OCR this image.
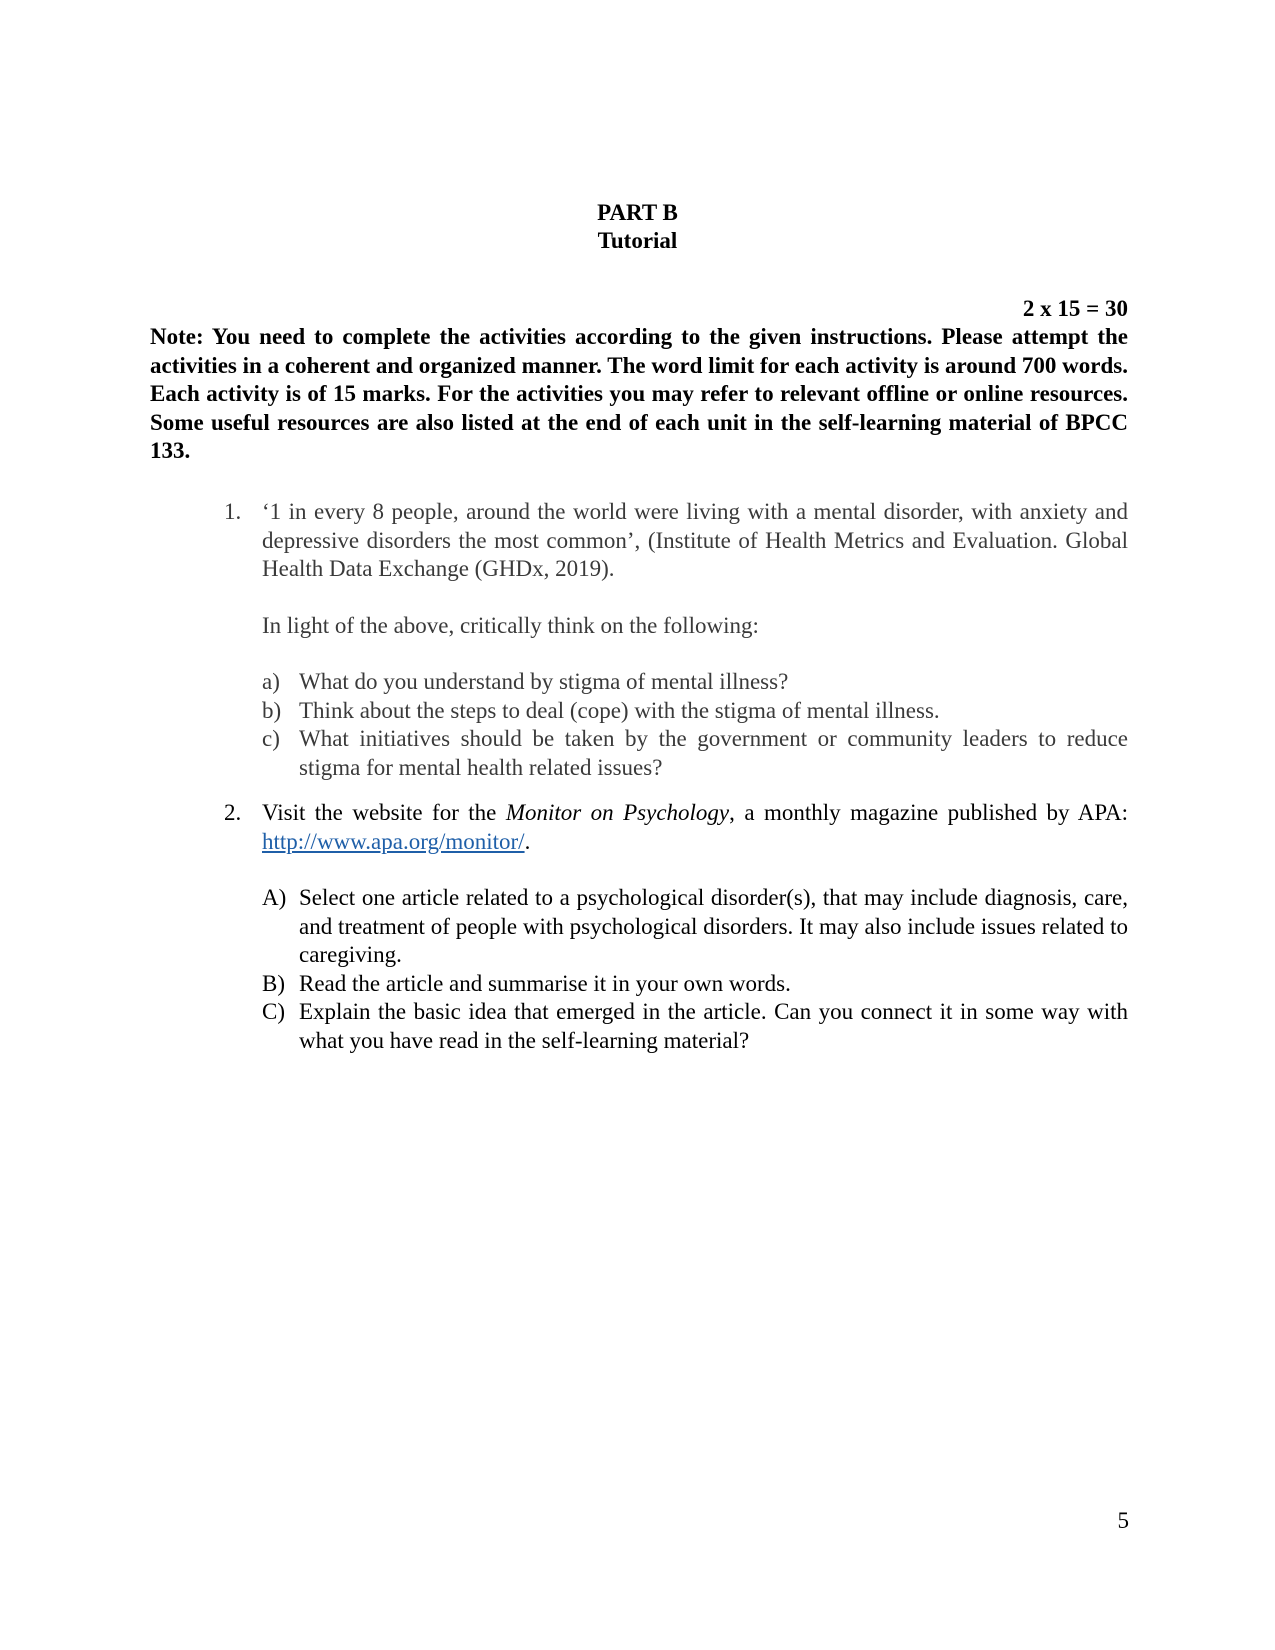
PART B
Tutorial
2 x 15 = 30
Note: You need to complete the activities according to the given instructions. Please attempt the activities in a coherent and organized manner. The word limit for each activity is around 700 words. Each activity is of 15 marks. For the activities you may refer to relevant offline or online resources. Some useful resources are also listed at the end of each unit in the self-learning material of BPCC 133.
1. ‘1 in every 8 people, around the world were living with a mental disorder, with anxiety and depressive disorders the most common’, (Institute of Health Metrics and Evaluation. Global Health Data Exchange (GHDx, 2019).

In light of the above, critically think on the following:

a) What do you understand by stigma of mental illness?
b) Think about the steps to deal (cope) with the stigma of mental illness.
c) What initiatives should be taken by the government or community leaders to reduce stigma for mental health related issues?
2. Visit the website for the Monitor on Psychology, a monthly magazine published by APA: http://www.apa.org/monitor/.

A) Select one article related to a psychological disorder(s), that may include diagnosis, care, and treatment of people with psychological disorders. It may also include issues related to caregiving.
B) Read the article and summarise it in your own words.
C) Explain the basic idea that emerged in the article. Can you connect it in some way with what you have read in the self-learning material?
5
